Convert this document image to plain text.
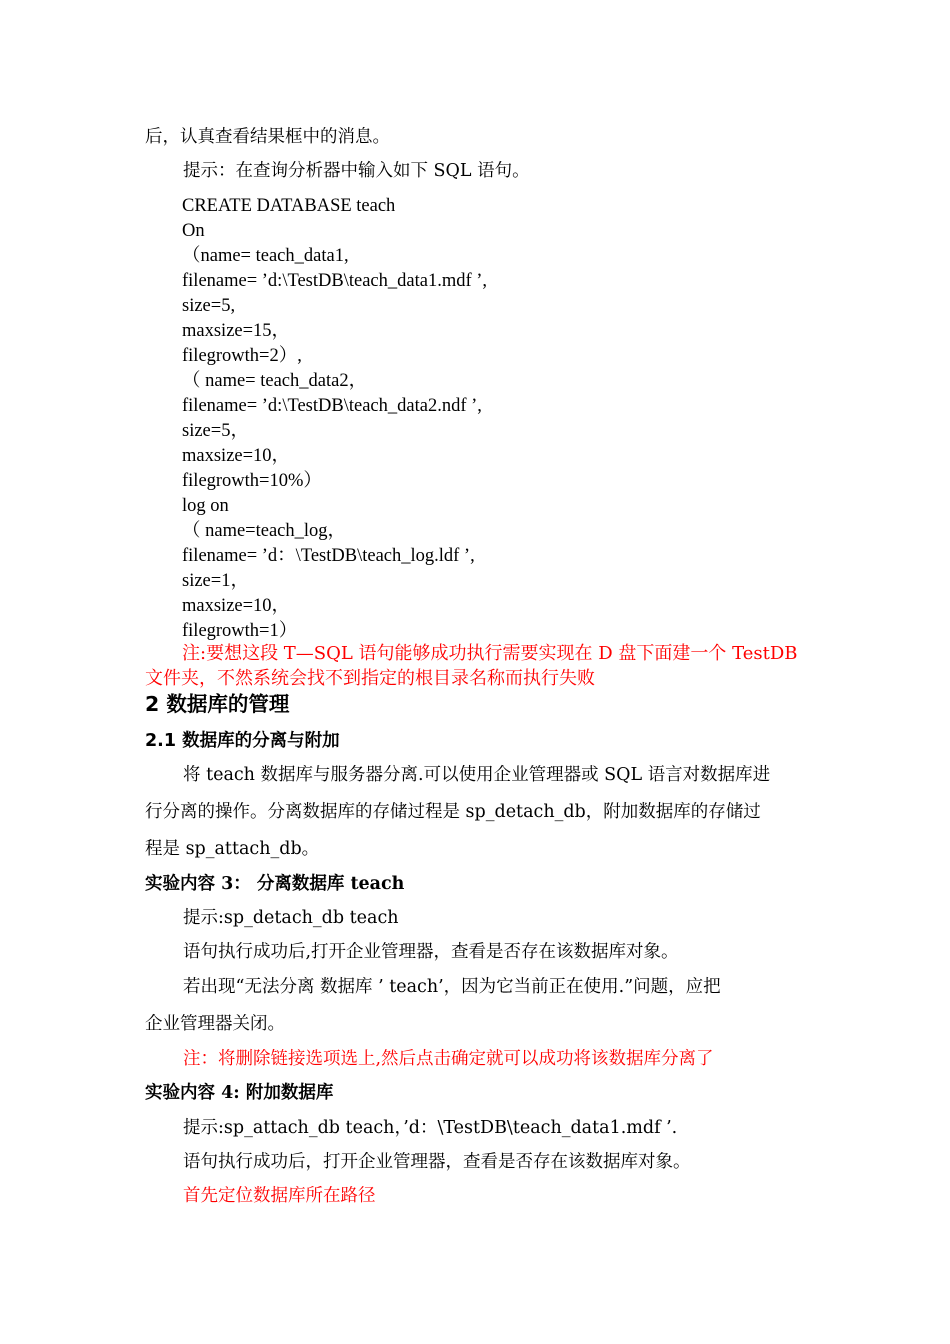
后，认真查看结果框中的消息。
提示：在查询分析器中输入如下 SQL 语句。
CREATE DATABASE teach
On
（name= teach_data1,
filename= ’d:\TestDB\teach_data1.mdf ’,
size=5,
maxsize=15，
filegrowth=2）,
（ name= teach_data2，
filename= ’d:\TestDB\teach_data2.ndf ’,
size=5，
maxsize=10，
filegrowth=10%）
log on
（ name=teach_log，
filename= ’d：\TestDB\teach_log.ldf ’,
size=1，
maxsize=10，
filegrowth=1）
注:要想这段 T—SQL 语句能够成功执行需要实现在 D 盘下面建一个 TestDB
文件夹，不然系统会找不到指定的根目录名称而执行失败
2 数据库的管理
2.1 数据库的分离与附加
将 teach 数据库与服务器分离.可以使用企业管理器或 SQL 语言对数据库进
行分离的操作。分离数据库的存储过程是 sp_detach_db，附加数据库的存储过
程是 sp_attach_db。
实验内容 3： 分离数据库 teach
提示:sp_detach_db teach
语句执行成功后,打开企业管理器，查看是否存在该数据库对象。
若出现“无法分离 数据库 ’ teach’，因为它当前正在使用.”问题，应把
企业管理器关闭。
注：将删除链接选项选上,然后点击确定就可以成功将该数据库分离了
实验内容 4: 附加数据库
提示:sp_attach_db teach，’d：\TestDB\teach_data1.mdf ’.
语句执行成功后，打开企业管理器，查看是否存在该数据库对象。
首先定位数据库所在路径
